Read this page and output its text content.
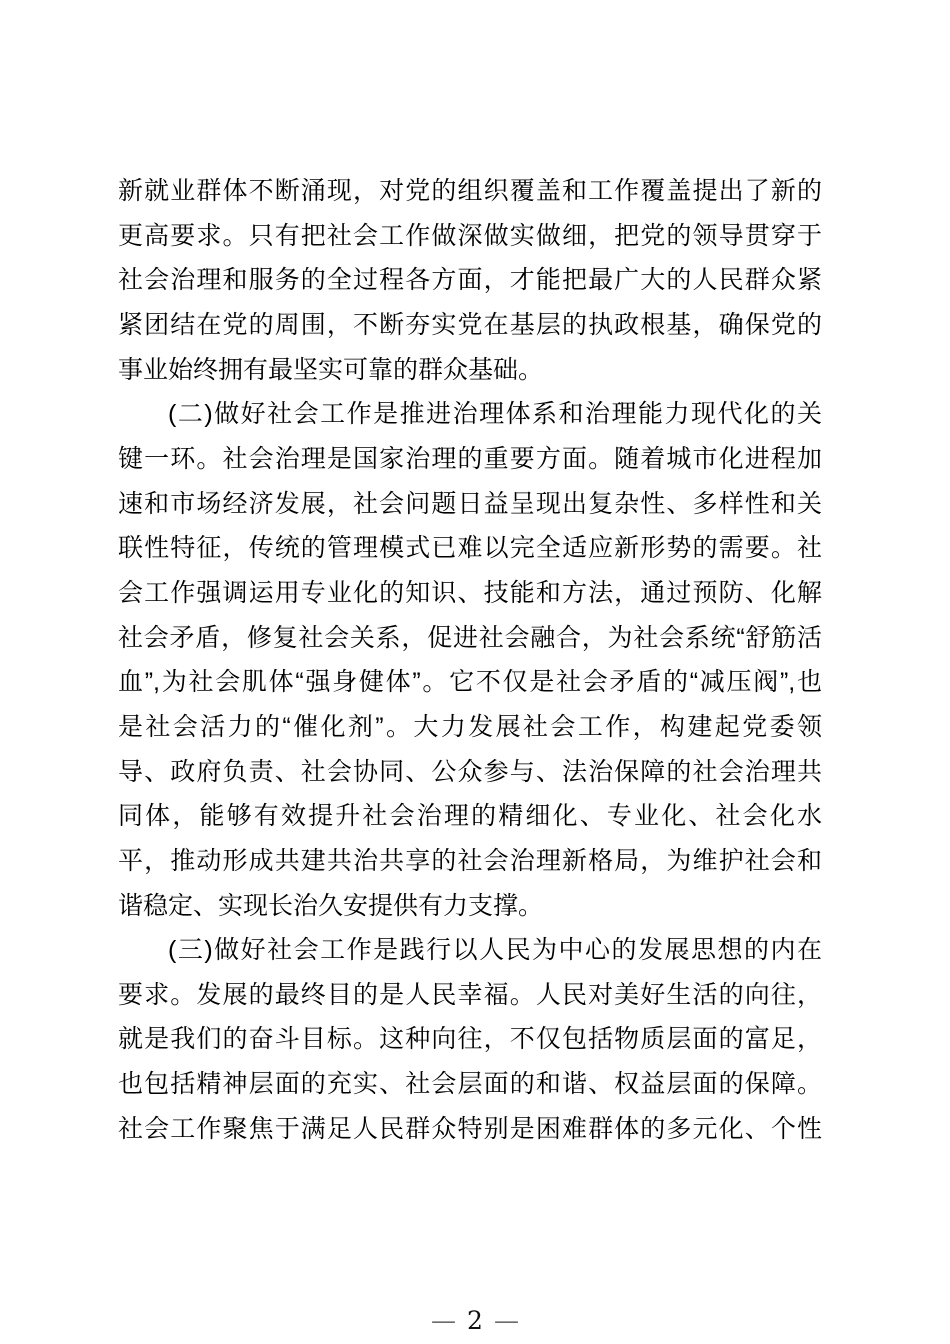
新就业群体不断涌现，对党的组织覆盖和工作覆盖提出了新的
更高要求。只有把社会工作做深做实做细，把党的领导贯穿于
社会治理和服务的全过程各方面，才能把最广大的人民群众紧
紧团结在党的周围，不断夯实党在基层的执政根基，确保党的
事业始终拥有最坚实可靠的群众基础。
(二)做好社会工作是推进治理体系和治理能力现代化的关
键一环。社会治理是国家治理的重要方面。随着城市化进程加
速和市场经济发展，社会问题日益呈现出复杂性、多样性和关
联性特征，传统的管理模式已难以完全适应新形势的需要。社
会工作强调运用专业化的知识、技能和方法，通过预防、化解
社会矛盾，修复社会关系，促进社会融合，为社会系统“舒筋活
血”,为社会肌体“强身健体”。它不仅是社会矛盾的“减压阀”,也
是社会活力的“催化剂”。大力发展社会工作，构建起党委领
导、政府负责、社会协同、公众参与、法治保障的社会治理共
同体，能够有效提升社会治理的精细化、专业化、社会化水
平，推动形成共建共治共享的社会治理新格局，为维护社会和
谐稳定、实现长治久安提供有力支撑。
(三)做好社会工作是践行以人民为中心的发展思想的内在
要求。发展的最终目的是人民幸福。人民对美好生活的向往，
就是我们的奋斗目标。这种向往，不仅包括物质层面的富足，
也包括精神层面的充实、社会层面的和谐、权益层面的保障。
社会工作聚焦于满足人民群众特别是困难群体的多元化、个性
— 2 —
